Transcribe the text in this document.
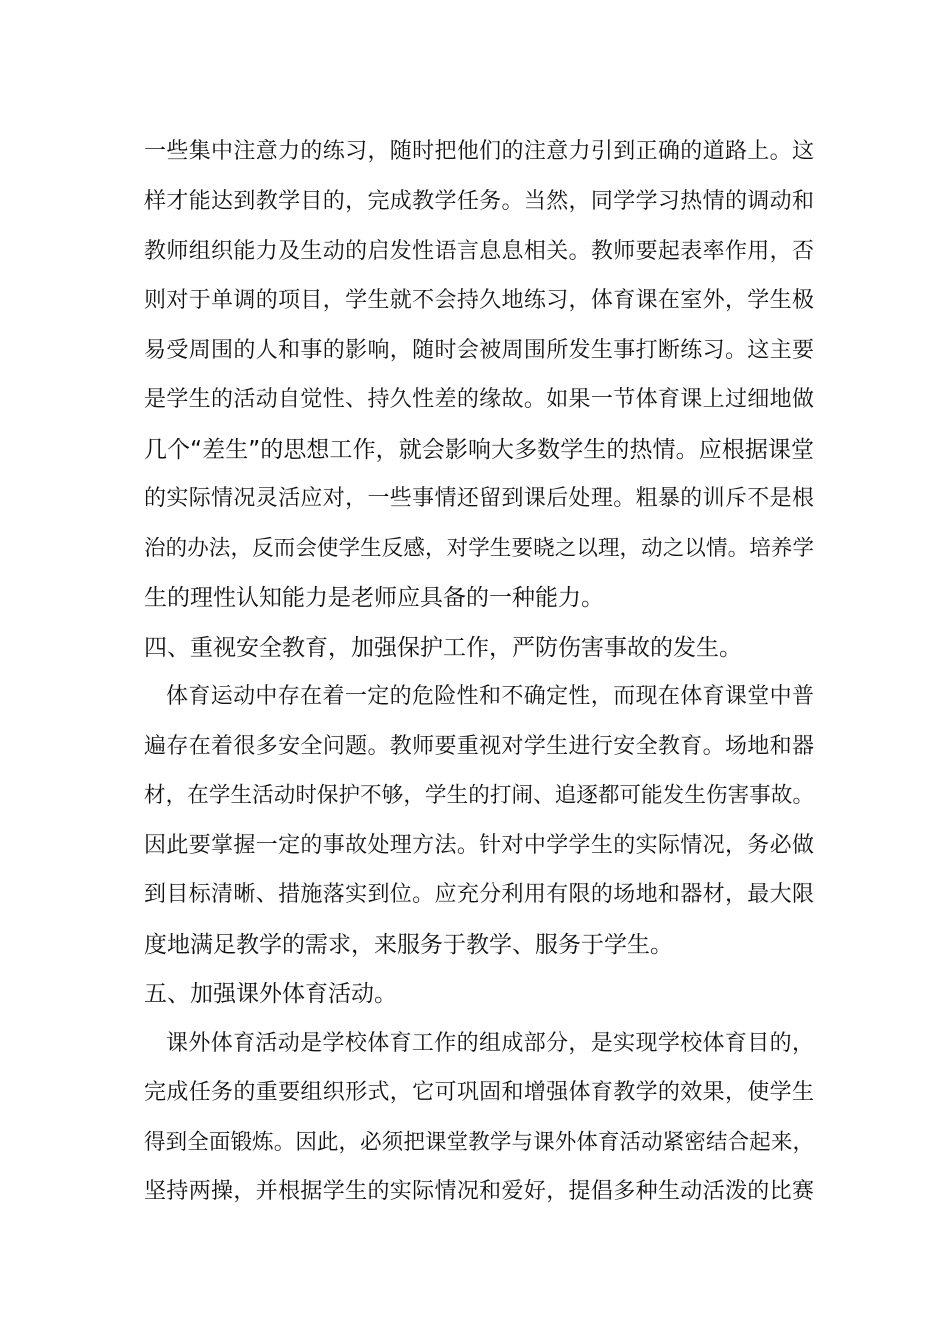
一些集中注意力的练习，随时把他们的注意力引到正确的道路上。这
样才能达到教学目的，完成教学任务。当然，同学学习热情的调动和
教师组织能力及生动的启发性语言息息相关。教师要起表率作用，否
则对于单调的项目，学生就不会持久地练习，体育课在室外，学生极
易受周围的人和事的影响，随时会被周围所发生事打断练习。这主要
是学生的活动自觉性、持久性差的缘故。如果一节体育课上过细地做
几个“差生”的思想工作，就会影响大多数学生的热情。应根据课堂
的实际情况灵活应对，一些事情还留到课后处理。粗暴的训斥不是根
治的办法，反而会使学生反感，对学生要晓之以理，动之以情。培养学
生的理性认知能力是老师应具备的一种能力。
四、重视安全教育，加强保护工作，严防伤害事故的发生。
体育运动中存在着一定的危险性和不确定性，而现在体育课堂中普
遍存在着很多安全问题。教师要重视对学生进行安全教育。场地和器
材，在学生活动时保护不够，学生的打闹、追逐都可能发生伤害事故。
因此要掌握一定的事故处理方法。针对中学学生的实际情况，务必做
到目标清晰、措施落实到位。应充分利用有限的场地和器材，最大限
度地满足教学的需求，来服务于教学、服务于学生。
五、加强课外体育活动。
课外体育活动是学校体育工作的组成部分，是实现学校体育目的，
完成任务的重要组织形式，它可巩固和增强体育教学的效果，使学生
得到全面锻炼。因此，必须把课堂教学与课外体育活动紧密结合起来，
坚持两操，并根据学生的实际情况和爱好，提倡多种生动活泼的比赛
